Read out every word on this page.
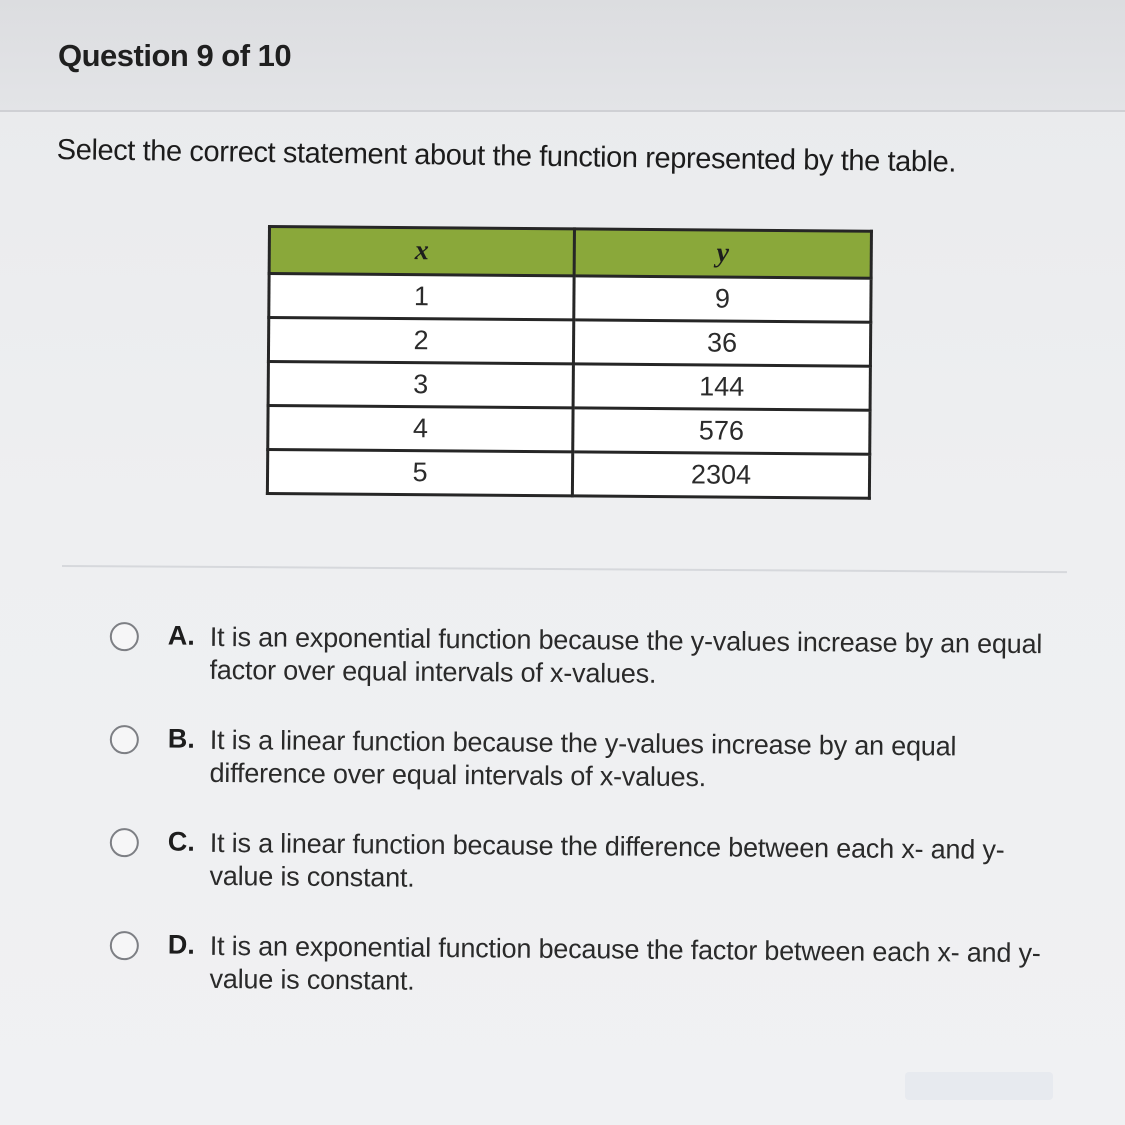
Question 9 of 10
Select the correct statement about the function represented by the table.
x	y
1	9
2	36
3	144
4	576
5	2304
A. It is an exponential function because the y-values increase by an equal factor over equal intervals of x-values.
B. It is a linear function because the y-values increase by an equal difference over equal intervals of x-values.
C. It is a linear function because the difference between each x- and y-value is constant.
D. It is an exponential function because the factor between each x- and y-value is constant.
